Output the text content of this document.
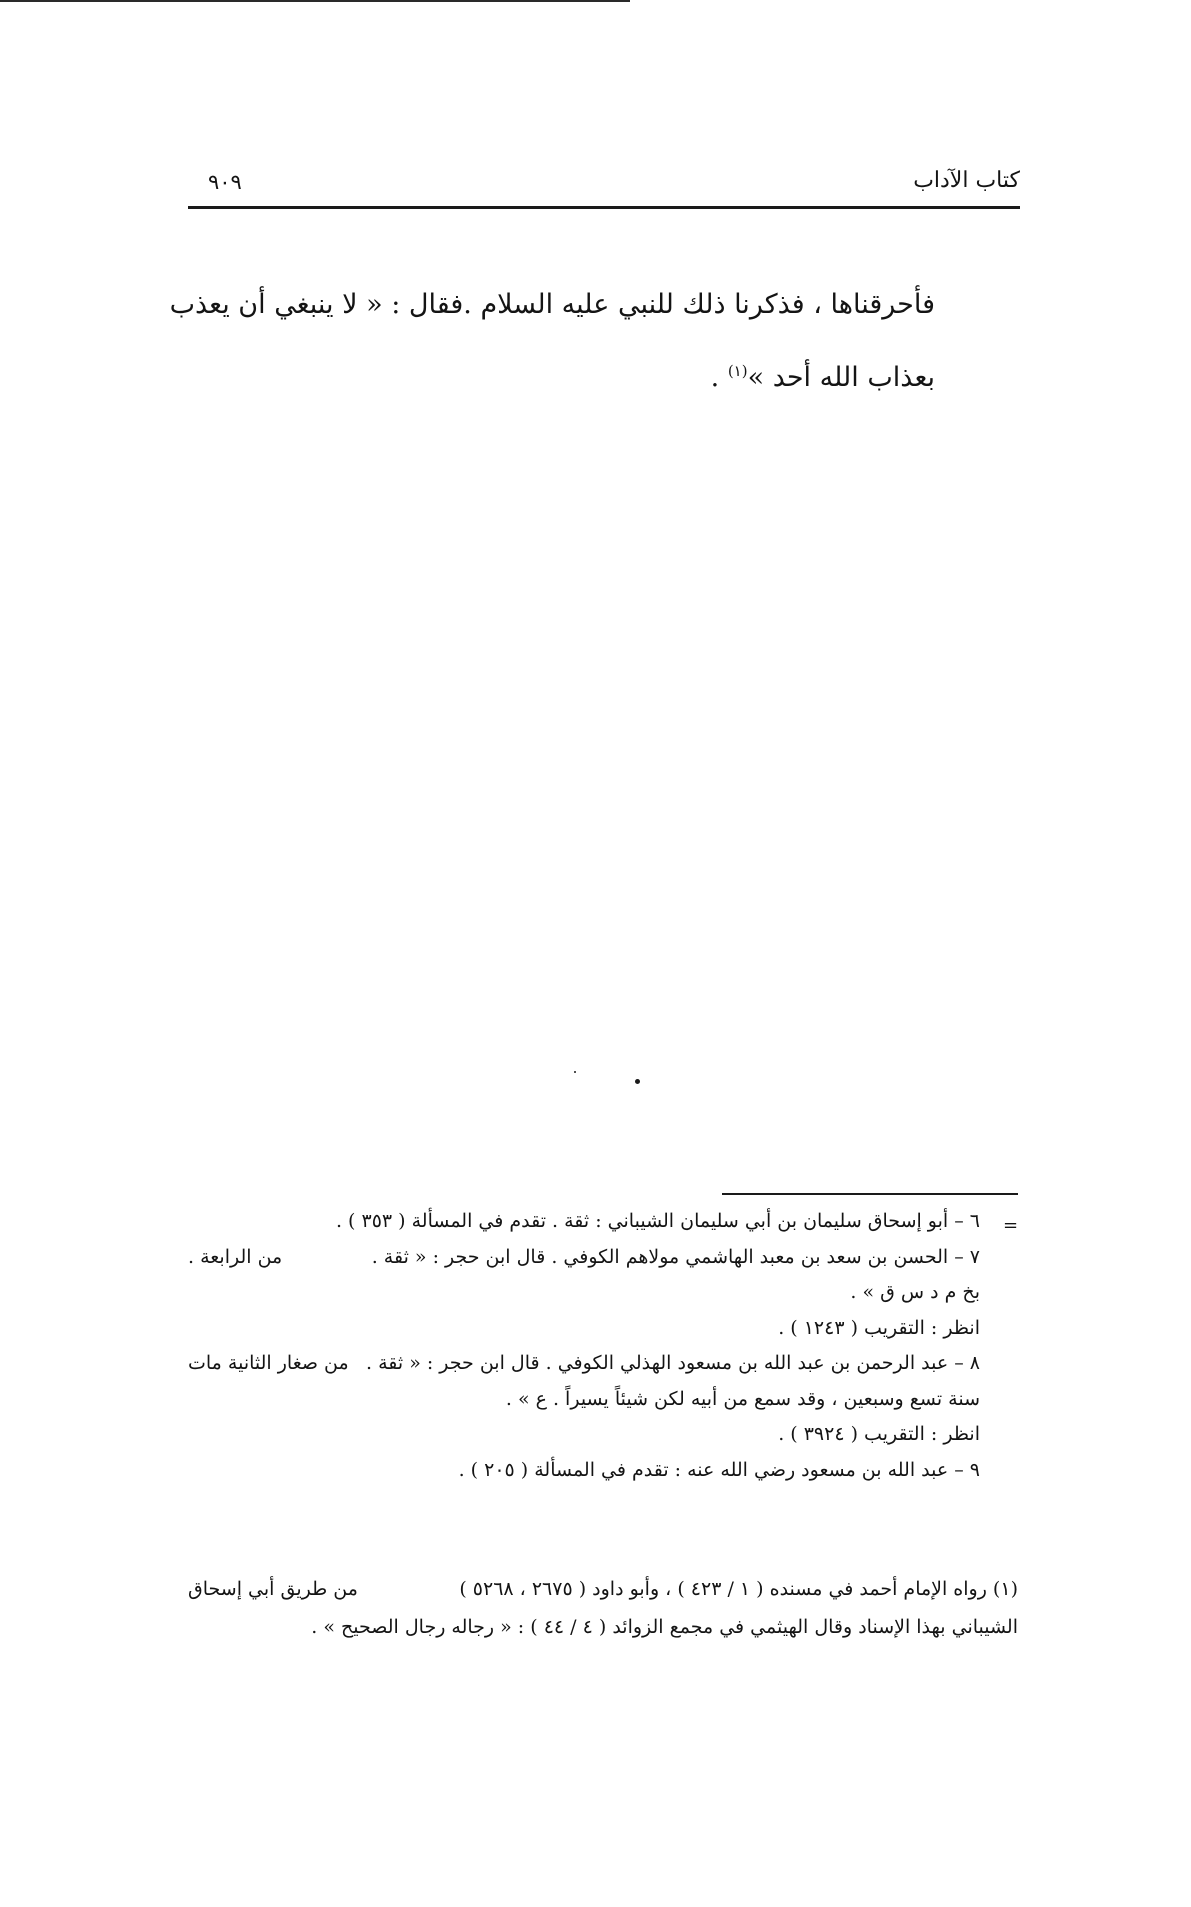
كتاب الآداب
٩٠٩
فأحرقناها ، فذكرنا ذلك للنبي عليه السلام .
فقال : « لا ينبغي أن يعذب
بعذاب الله أحد »$^{(١)}$ .
=
٦ – أبو إسحاق سليمان بن أبي سليمان الشيباني : ثقة . تقدم في المسألة ( ٣٥٣ ) .
٧ – الحسن بن سعد بن معبد الهاشمي مولاهم الكوفي . قال ابن حجر : « ثقة .
من الرابعة .
بخ م د س ق » .
انظر : التقريب ( ١٢٤٣ ) .
٨ – عبد الرحمن بن عبد الله بن مسعود الهذلي الكوفي . قال ابن حجر : « ثقة .
من صغار الثانية مات
سنة تسع وسبعين ، وقد سمع من أبيه لكن شيئاً يسيراً . ع » .
انظر : التقريب ( ٣٩٢٤ ) .
٩ – عبد الله بن مسعود رضي الله عنه : تقدم في المسألة ( ٢٠٥ ) .
(١) رواه الإمام أحمد في مسنده ( ١ / ٤٢٣ ) ، وأبو داود ( ٢٦٧٥ ، ٥٢٦٨ )
من طريق أبي إسحاق
الشيباني بهذا الإسناد وقال الهيثمي في مجمع الزوائد ( ٤ / ٤٤ ) : « رجاله رجال الصحيح » .
